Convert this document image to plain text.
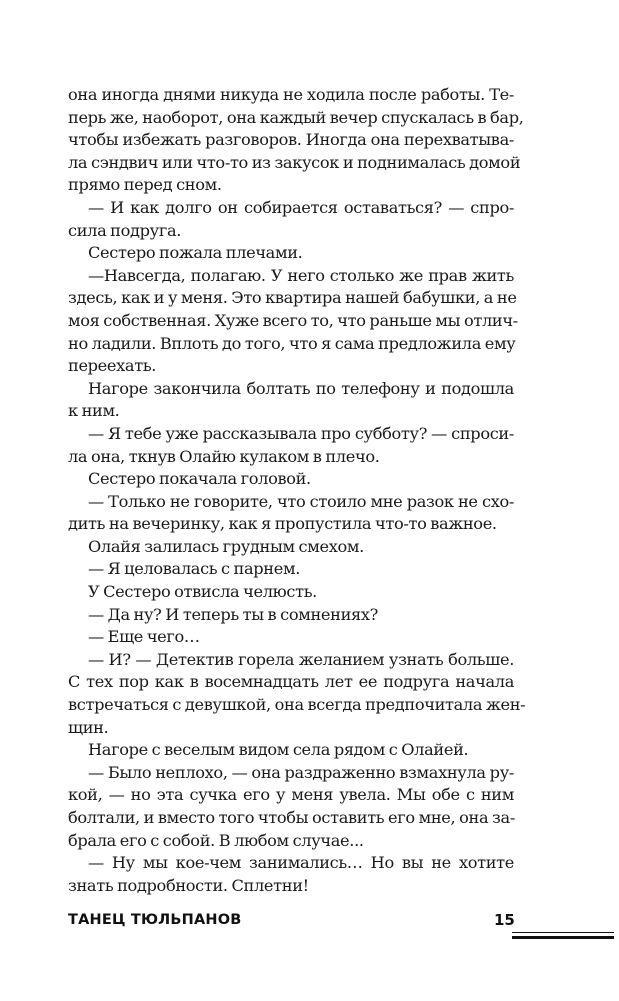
она иногда днями никуда не ходила после работы. Те-
перь же, наоборот, она каждый вечер спускалась в бар,
чтобы избежать разговоров. Иногда она перехватыва-
ла сэндвич или что-то из закусок и поднималась домой
прямо перед сном.
— И как долго он собирается оставаться? — спро-
сила подруга.
Сестеро пожала плечами.
—Навсегда, полагаю. У него столько же прав жить
здесь, как и у меня. Это квартира нашей бабушки, а не
моя собственная. Хуже всего то, что раньше мы отлич-
но ладили. Вплоть до того, что я сама предложила ему
переехать.
Нагоре закончила болтать по телефону и подошла
к ним.
— Я тебе уже рассказывала про субботу? — спроси-
ла она, ткнув Олайю кулаком в плечо.
Сестеро покачала головой.
— Только не говорите, что стоило мне разок не схо-
дить на вечеринку, как я пропустила что-то важное.
Олайя залилась грудным смехом.
— Я целовалась с парнем.
У Сестеро отвисла челюсть.
— Да ну? И теперь ты в сомнениях?
— Еще чего…
— И? — Детектив горела желанием узнать больше.
С тех пор как в восемнадцать лет ее подруга начала
встречаться с девушкой, она всегда предпочитала жен-
щин.
Нагоре с веселым видом села рядом с Олайей.
— Было неплохо, — она раздраженно взмахнула ру-
кой, — но эта сучка его у меня увела. Мы обе с ним
болтали, и вместо того чтобы оставить его мне, она за-
брала его с собой. В любом случае...
— Ну мы кое-чем занимались… Но вы не хотите
знать подробности. Сплетни!
ТАНЕЦ ТЮЛЬПАНОВ	15
